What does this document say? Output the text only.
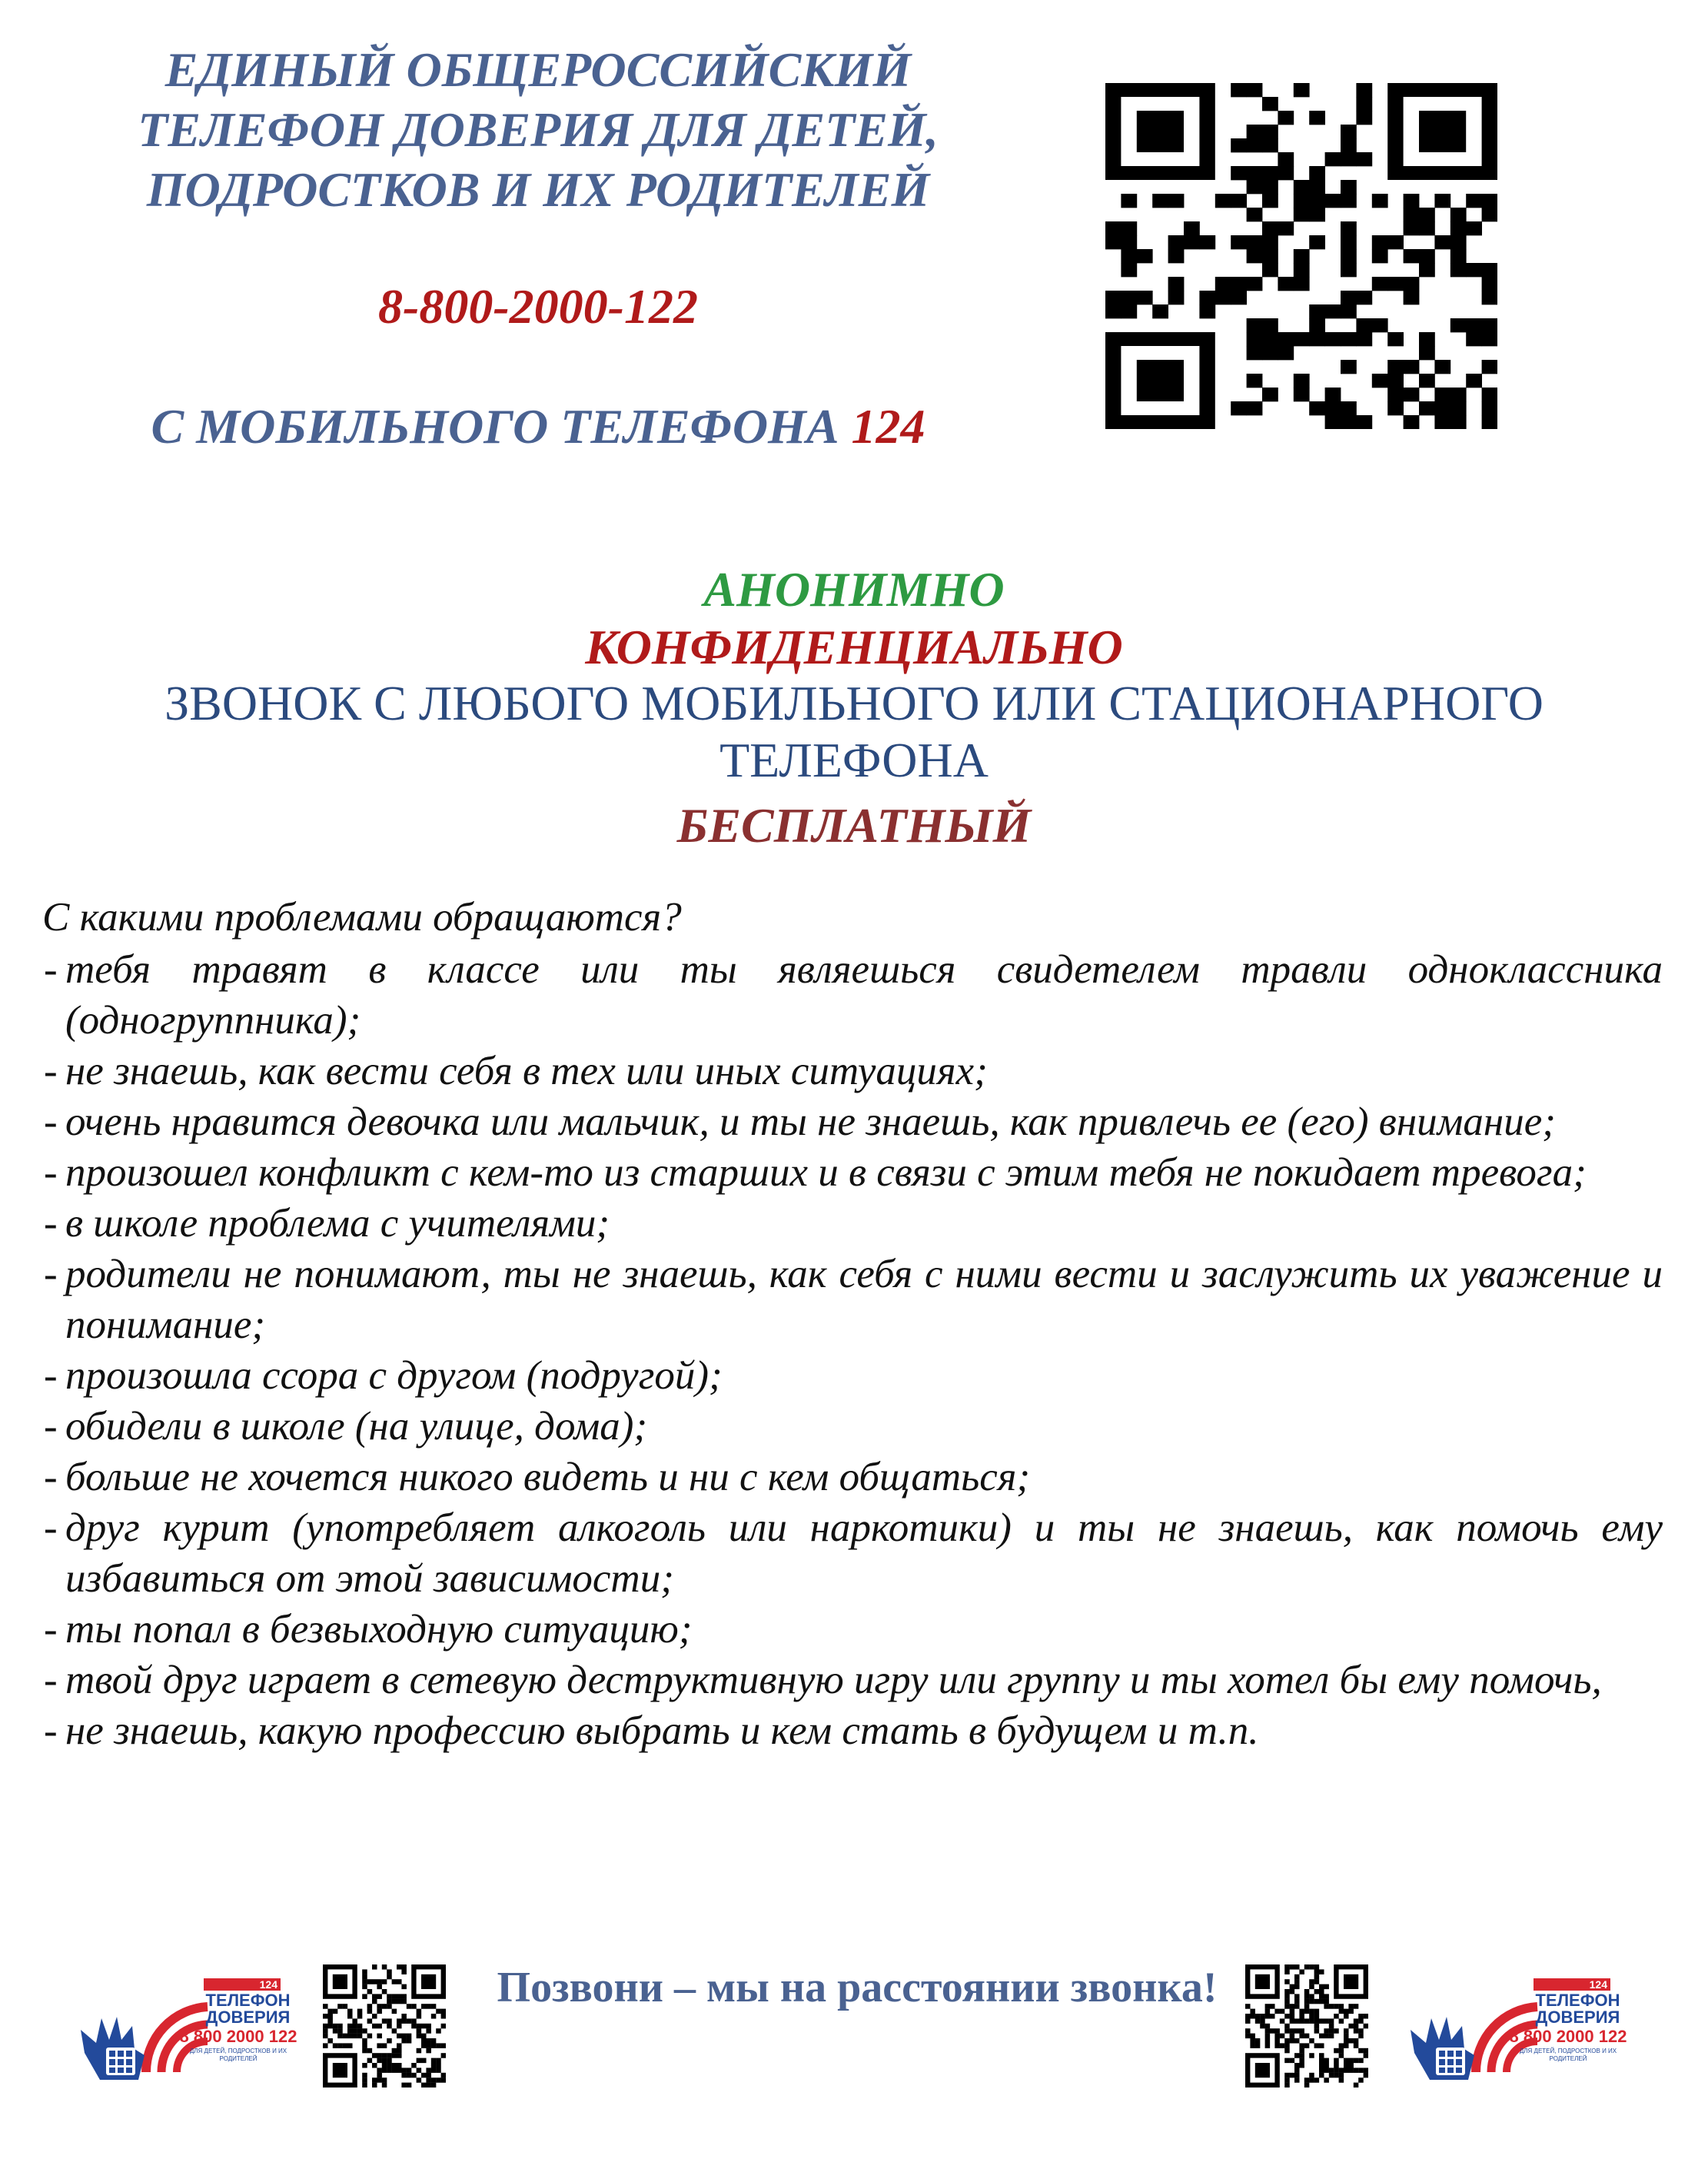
ЕДИНЫЙ ОБЩЕРОССИЙСКИЙ
ТЕЛЕФОН ДОВЕРИЯ ДЛЯ ДЕТЕЙ,
ПОДРОСТКОВ И ИХ РОДИТЕЛЕЙ
8-800-2000-122
С МОБИЛЬНОГО ТЕЛЕФОНА 124
АНОНИМНО
КОНФИДЕНЦИАЛЬНО
ЗВОНОК С ЛЮБОГО МОБИЛЬНОГО ИЛИ СТАЦИОНАРНОГО
ТЕЛЕФОНА
БЕСПЛАТНЫЙ
С какими проблемами обращаются?
- тебя травят в классе или ты являешься свидетелем травли одноклассника (одногруппника);
- не знаешь, как вести себя в тех или иных ситуациях;
- очень нравится девочка или мальчик, и ты не знаешь, как привлечь ее (его) внимание;
- произошел конфликт с кем-то из старших и в связи с этим тебя не покидает тревога;
- в школе проблема с учителями;
- родители не понимают, ты не знаешь, как себя с ними вести и заслужить их уважение и понимание;
- произошла ссора с другом (подругой);
- обидели в школе (на улице, дома);
- больше не хочется никого видеть и ни с кем общаться;
- друг курит (употребляет алкоголь или наркотики) и ты не знаешь, как помочь ему избавиться от этой зависимости;
- ты попал в безвыходную ситуацию;
- твой друг играет в сетевую деструктивную игру или группу и ты хотел бы ему помочь,
- не знаешь, какую профессию выбрать и кем стать в будущем и т.п.
124
ТЕЛЕФОН
ДОВЕРИЯ
8 800 2000 122
ДЛЯ ДЕТЕЙ, ПОДРОСТКОВ И ИХ РОДИТЕЛЕЙ
Позвони – мы на расстоянии звонка!	124
ТЕЛЕФОН
ДОВЕРИЯ
8 800 2000 122
ДЛЯ ДЕТЕЙ, ПОДРОСТКОВ И ИХ РОДИТЕЛЕЙ
